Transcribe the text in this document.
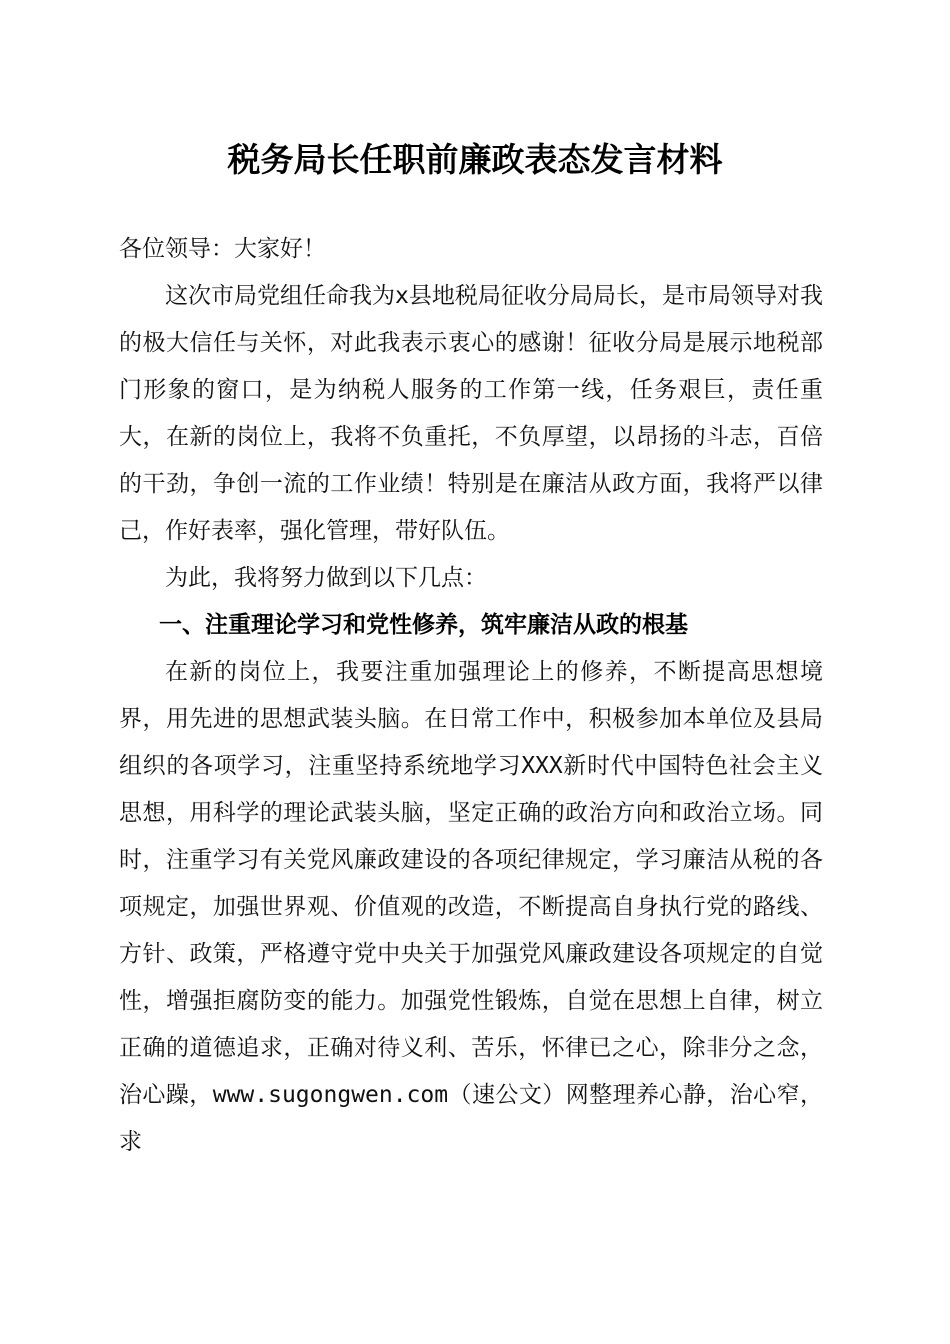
税务局长任职前廉政表态发言材料

各位领导：大家好！

这次市局党组任命我为x县地税局征收分局局长，是市局领导对我的极大信任与关怀，对此我表示衷心的感谢！征收分局是展示地税部门形象的窗口，是为纳税人服务的工作第一线，任务艰巨，责任重大，在新的岗位上，我将不负重托，不负厚望，以昂扬的斗志，百倍的干劲，争创一流的工作业绩！特别是在廉洁从政方面，我将严以律己，作好表率，强化管理，带好队伍。

为此，我将努力做到以下几点：

一、注重理论学习和党性修养，筑牢廉洁从政的根基

在新的岗位上，我要注重加强理论上的修养，不断提高思想境界，用先进的思想武装头脑。在日常工作中，积极参加本单位及县局组织的各项学习，注重坚持系统地学习XXX新时代中国特色社会主义思想，用科学的理论武装头脑，坚定正确的政治方向和政治立场。同时，注重学习有关党风廉政建设的各项纪律规定，学习廉洁从税的各项规定，加强世界观、价值观的改造，不断提高自身执行党的路线、方针、政策，严格遵守党中央关于加强党风廉政建设各项规定的自觉性，增强拒腐防变的能力。加强党性锻炼，自觉在思想上自律，树立正确的道德追求，正确对待义利、苦乐，怀律已之心，除非分之念，治心躁，www.sugongwen.com（速公文）网整理养心静，治心窄，求
